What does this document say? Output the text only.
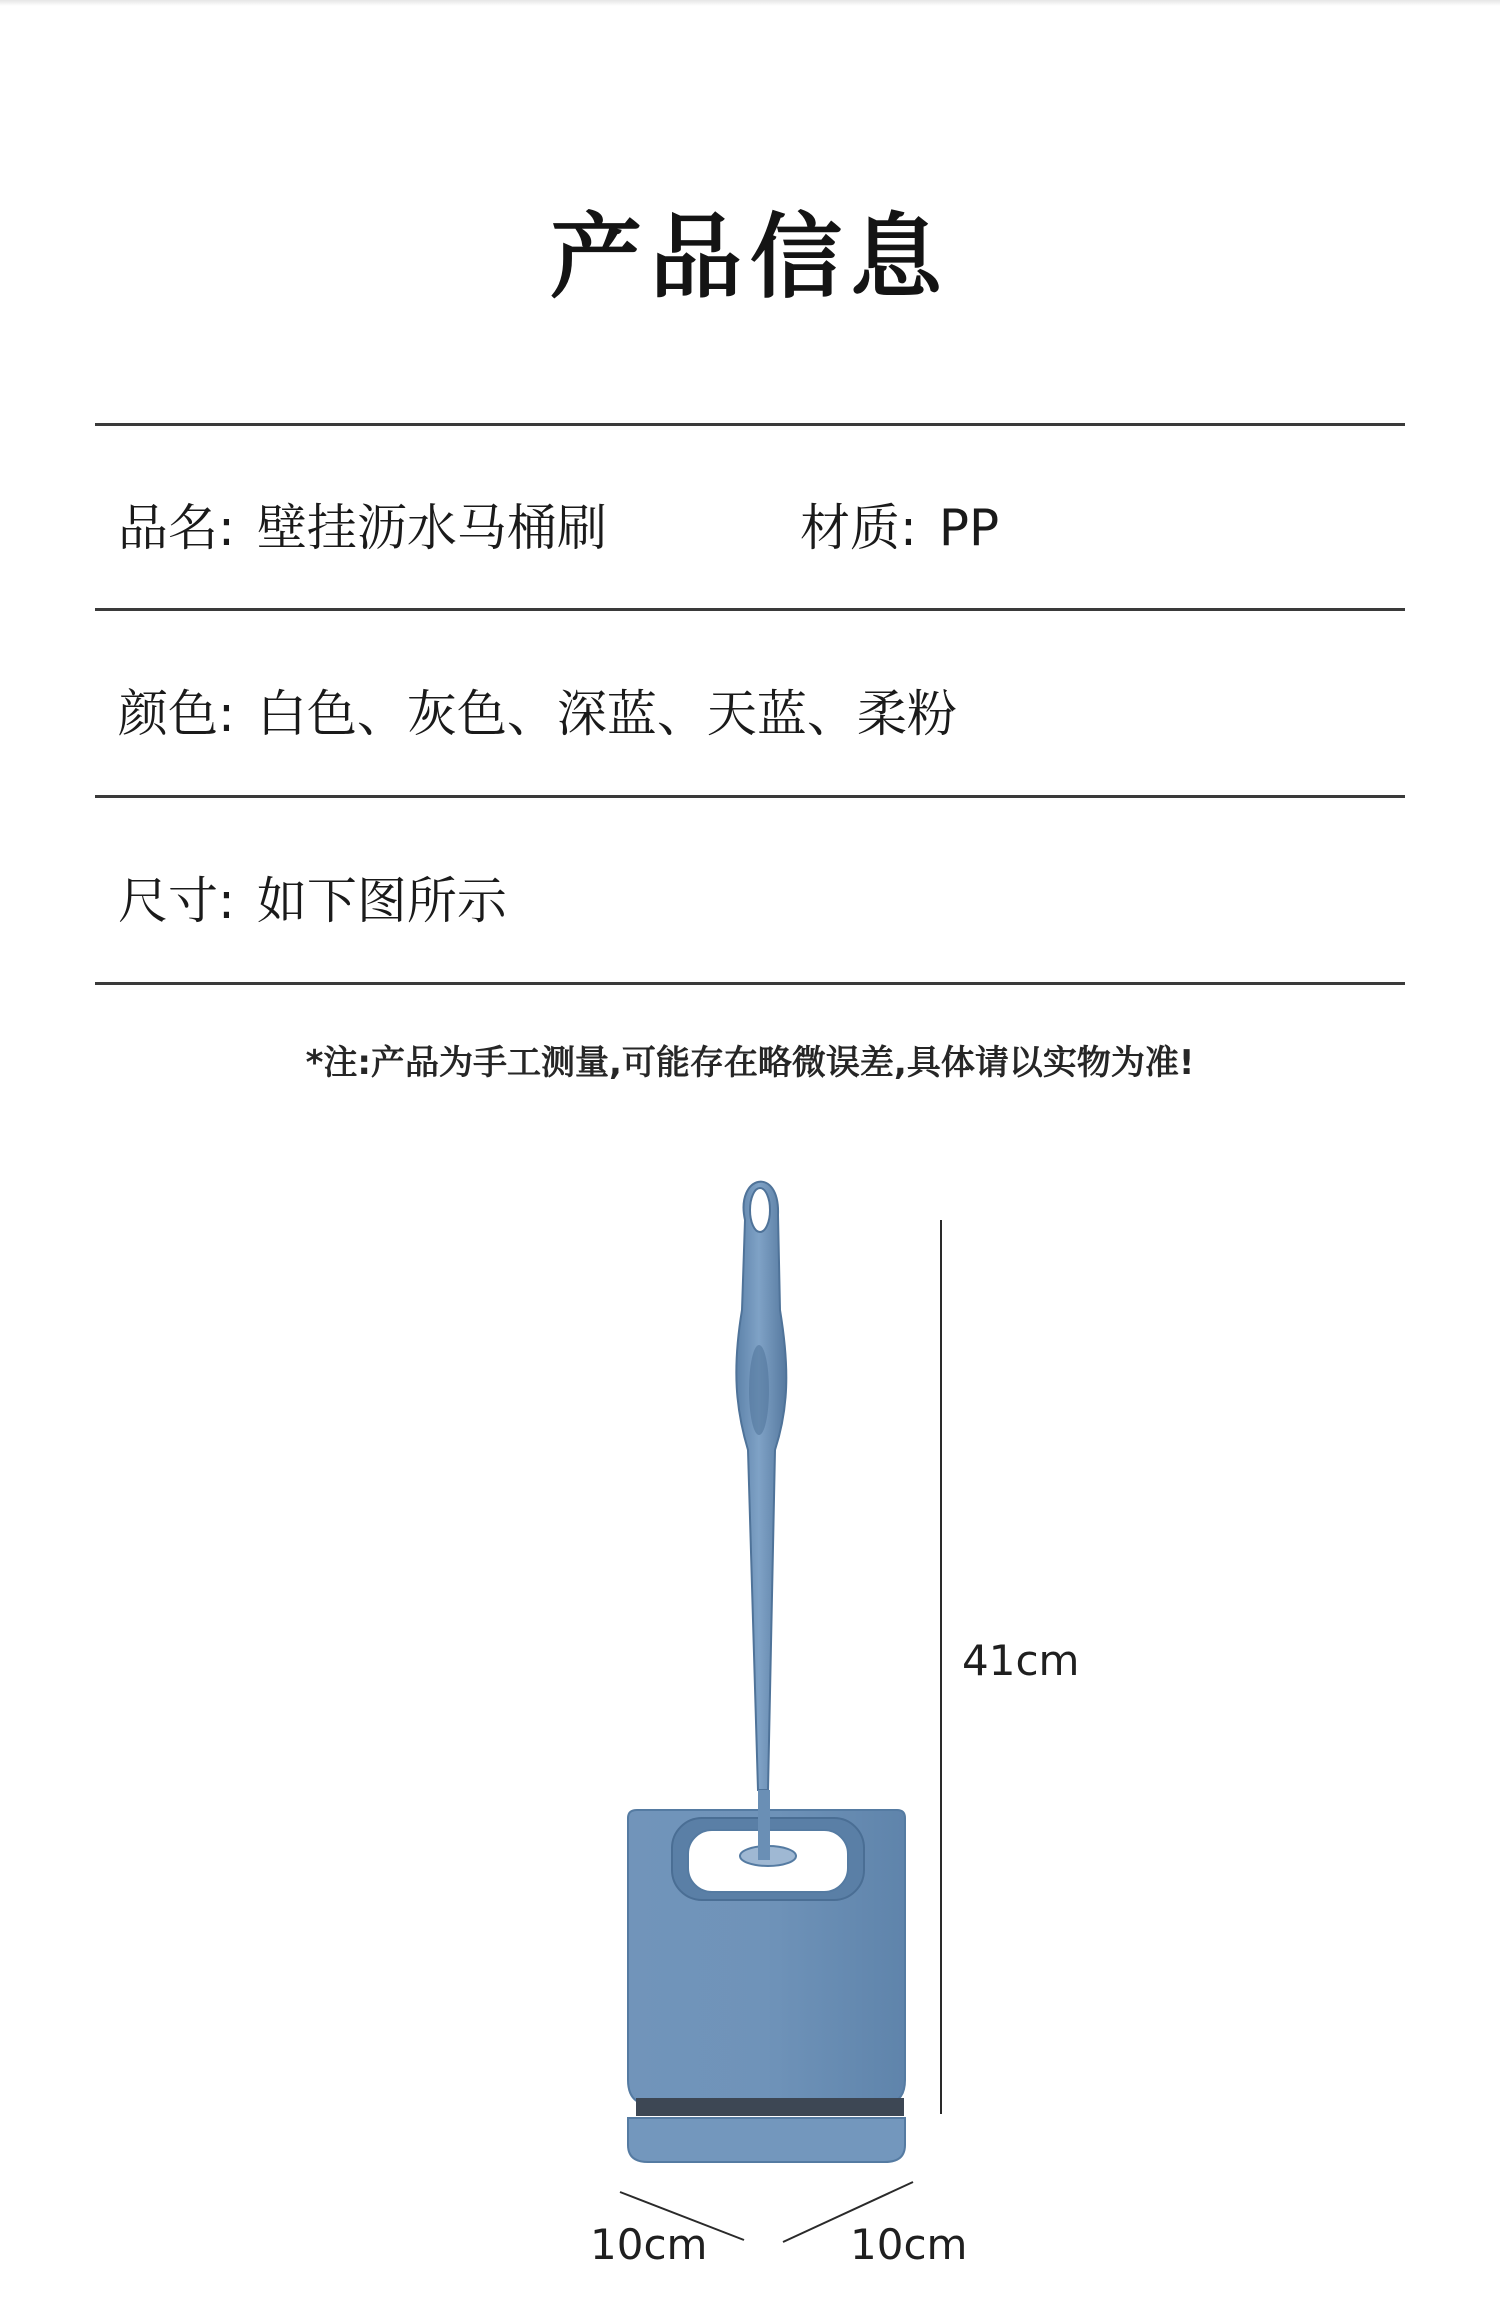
产品信息
品名: 壁挂沥水马桶刷	材质: PP
颜色: 白色、灰色、深蓝、天蓝、柔粉
尺寸: 如下图所示
*注:产品为手工测量,可能存在略微误差,具体请以实物为准!
41cm
10cm	10cm
